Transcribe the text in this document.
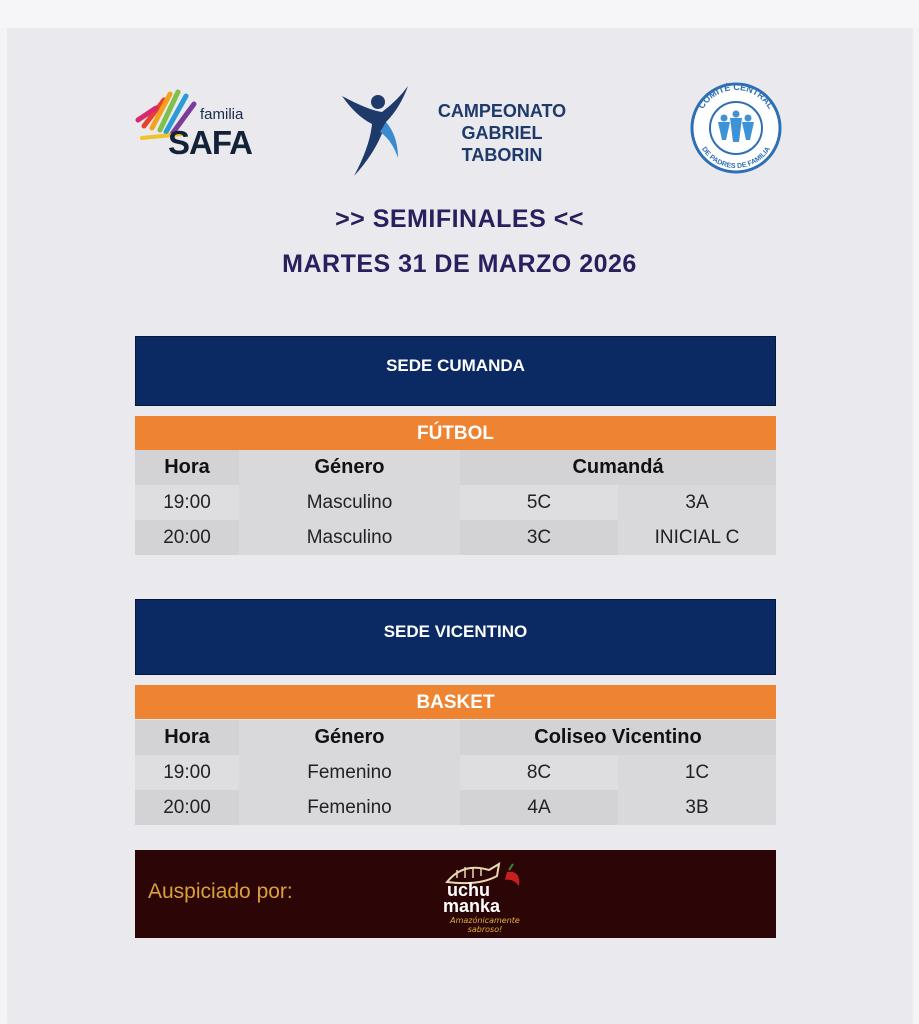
familia
SAFA
CAMPEONATO
GABRIEL
TABORIN
COMITÉ CENTRAL
DE PADRES DE FAMILIA
>> SEMIFINALES <<
MARTES 31 DE MARZO 2026
SEDE CUMANDA
FÚTBOL
Hora	Género	Cumandá	
19:00	Masculino	5C	3A
20:00	Masculino	3C	INICIAL C
SEDE VICENTINO
BASKET
Hora	Género	Coliseo Vicentino	
19:00	Femenino	8C	1C
20:00	Femenino	4A	3B
Auspiciado por:	uchu
manka
Amazónicamente sabroso!
